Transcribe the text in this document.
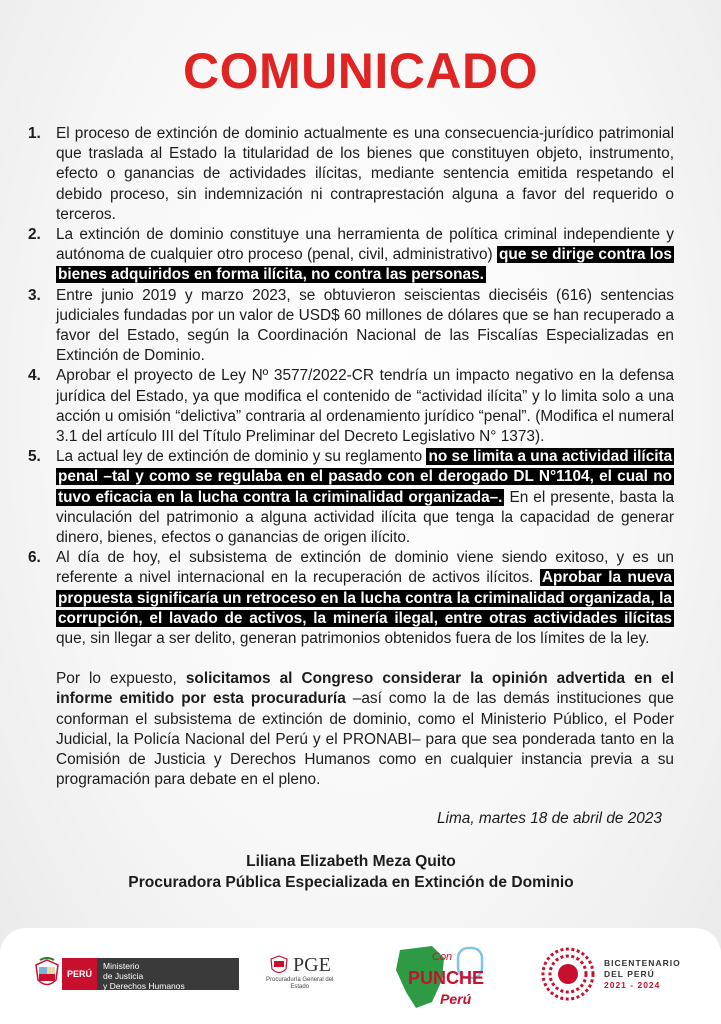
COMUNICADO
1. El proceso de extinción de dominio actualmente es una consecuencia-jurídico patrimonial que traslada al Estado la titularidad de los bienes que constituyen objeto, instrumento, efecto o ganancias de actividades ilícitas, mediante sentencia emitida respetando el debido proceso, sin indemnización ni contraprestación alguna a favor del requerido o terceros.
2. La extinción de dominio constituye una herramienta de política criminal independiente y autónoma de cualquier otro proceso (penal, civil, administrativo) que se dirige contra los bienes adquiridos en forma ilícita, no contra las personas.
3. Entre junio 2019 y marzo 2023, se obtuvieron seiscientas dieciséis (616) sentencias judiciales fundadas por un valor de USD$ 60 millones de dólares que se han recuperado a favor del Estado, según la Coordinación Nacional de las Fiscalías Especializadas en Extinción de Dominio.
4. Aprobar el proyecto de Ley Nº 3577/2022-CR tendría un impacto negativo en la defensa jurídica del Estado, ya que modifica el contenido de “actividad ilícita” y lo limita solo a una acción u omisión “delictiva” contraria al ordenamiento jurídico “penal”. (Modifica el numeral 3.1 del artículo III del Título Preliminar del Decreto Legislativo N° 1373).
5. La actual ley de extinción de dominio y su reglamento no se limita a una actividad ilícita penal –tal y como se regulaba en el pasado con el derogado DL N°1104, el cual no tuvo eficacia en la lucha contra la criminalidad organizada–. En el presente, basta la vinculación del patrimonio a alguna actividad ilícita que tenga la capacidad de generar dinero, bienes, efectos o ganancias de origen ilícito.
6. Al día de hoy, el subsistema de extinción de dominio viene siendo exitoso, y es un referente a nivel internacional en la recuperación de activos ilícitos. Aprobar la nueva propuesta significaría un retroceso en la lucha contra la criminalidad organizada, la corrupción, el lavado de activos, la minería ilegal, entre otras actividades ilícitas que, sin llegar a ser delito, generan patrimonios obtenidos fuera de los límites de la ley.
Por lo expuesto, solicitamos al Congreso considerar la opinión advertida en el informe emitido por esta procuraduría –así como la de las demás instituciones que conforman el subsistema de extinción de dominio, como el Ministerio Público, el Poder Judicial, la Policía Nacional del Perú y el PRONABI– para que sea ponderada tanto en la Comisión de Justicia y Derechos Humanos como en cualquier instancia previa a su programación para debate en el pleno.
Lima, martes 18 de abril de 2023
Liliana Elizabeth Meza Quito
Procuradora Pública Especializada en Extinción de Dominio
PERÚ
Ministerio
de Justicia
y Derechos Humanos
PGE
Procuraduría General del
Estado
Con
PUNCHE
Perú
BICENTENARIO
DEL PERÚ
2021 - 2024
